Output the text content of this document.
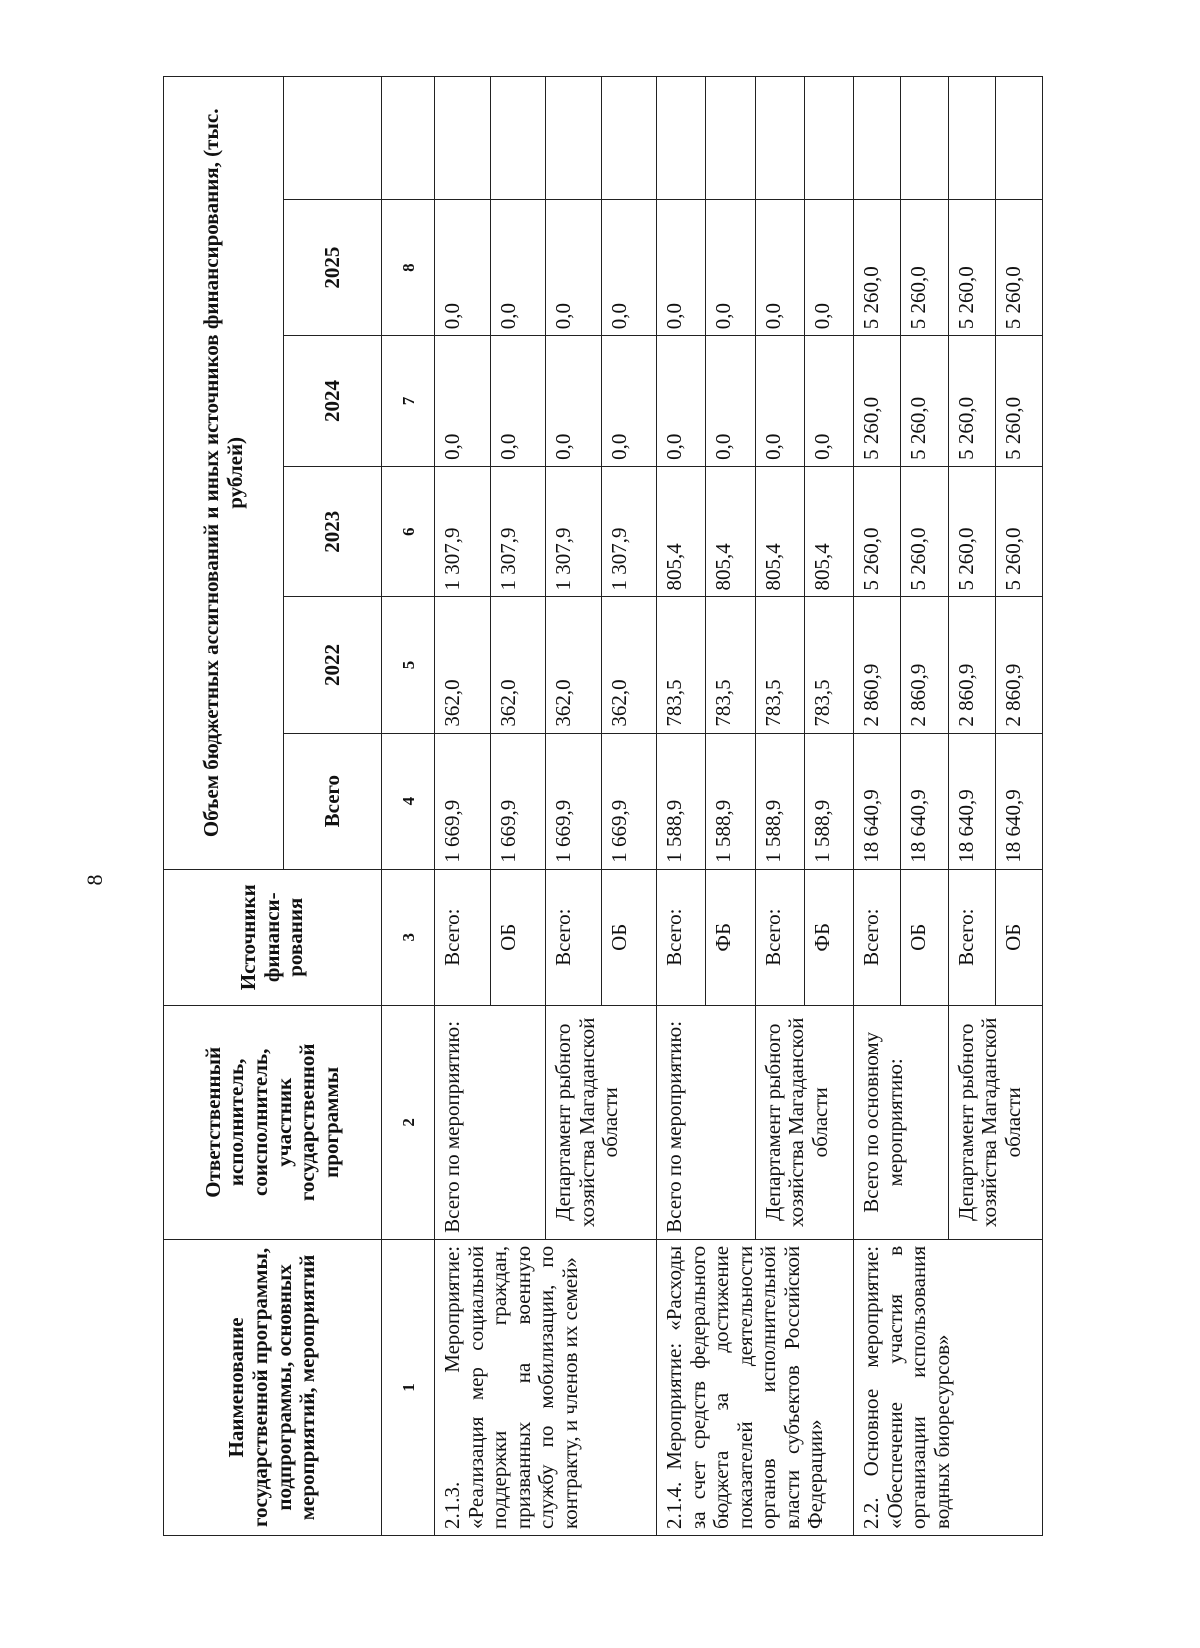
8
Наименование государственной программы, подпрограммы, основных мероприятий, мероприятий	Ответственный исполнитель, соисполнитель, участник государственной программы	Источники финанси-рования	Объем бюджетных ассигнований и иных источников финансирования, (тыс. рублей)					
			Всего	2022	2023	2024	2025	
1	2	3	4	5	6	7	8	
2.1.3. Мероприятие: «Реализация мер социальной поддержки граждан, призванных на военную службу по мобилизации, по контракту, и членов их семей»	Всего по мероприятию:	Всего:	1 669,9	362,0	1 307,9	0,0	0,0	
		ОБ	1 669,9	362,0	1 307,9	0,0	0,0	
	Департамент рыбного хозяйства Магаданской области	Всего:	1 669,9	362,0	1 307,9	0,0	0,0	
		ОБ	1 669,9	362,0	1 307,9	0,0	0,0	
2.1.4. Мероприятие: «Расходы за счет средств федерального бюджета за достижение показателей деятельности органов исполнительной власти субъектов Российской Федерации»	Всего по мероприятию:	Всего:	1 588,9	783,5	805,4	0,0	0,0	
		ФБ	1 588,9	783,5	805,4	0,0	0,0	
	Департамент рыбного хозяйства Магаданской области	Всего:	1 588,9	783,5	805,4	0,0	0,0	
		ФБ	1 588,9	783,5	805,4	0,0	0,0	
2.2. Основное мероприятие: «Обеспечение участия в организации использования водных биоресурсов»	Всего по основному мероприятию:	Всего:	18 640,9	2 860,9	5 260,0	5 260,0	5 260,0	
		ОБ	18 640,9	2 860,9	5 260,0	5 260,0	5 260,0	
	Департамент рыбного хозяйства Магаданской области	Всего:	18 640,9	2 860,9	5 260,0	5 260,0	5 260,0	
		ОБ	18 640,9	2 860,9	5 260,0	5 260,0	5 260,0	
